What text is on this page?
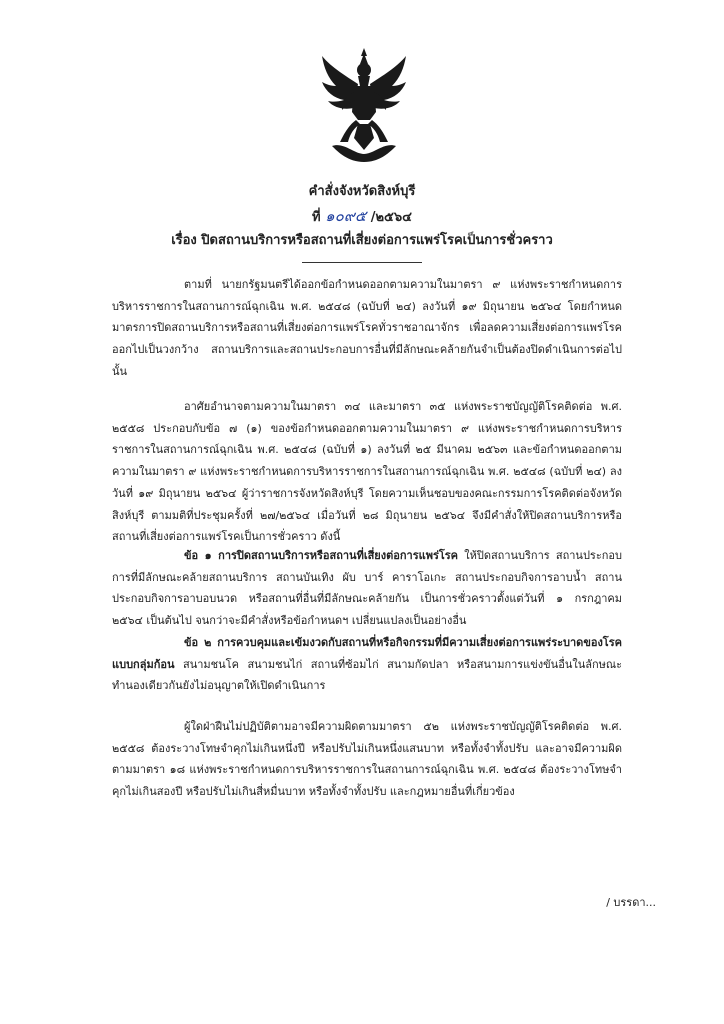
คำสั่งจังหวัดสิงห์บุรี
ที่ ๑๐๙๕ /๒๕๖๔
เรื่อง ปิดสถานบริการหรือสถานที่เสี่ยงต่อการแพร่โรคเป็นการชั่วคราว

ตามที่ นายกรัฐมนตรีได้ออกข้อกำหนดออกตามความในมาตรา ๙ แห่งพระราชกำหนดการบริหารราชการในสถานการณ์ฉุกเฉิน พ.ศ. ๒๕๔๘ (ฉบับที่ ๒๔) ลงวันที่ ๑๙ มิถุนายน ๒๕๖๔ โดยกำหนดมาตรการปิดสถานบริการหรือสถานที่เสี่ยงต่อการแพร่โรคทั่วราชอาณาจักร เพื่อลดความเสี่ยงต่อการแพร่โรคออกไปเป็นวงกว้าง สถานบริการและสถานประกอบการอื่นที่มีลักษณะคล้ายกันจำเป็นต้องปิดดำเนินการต่อไป นั้น

อาศัยอำนาจตามความในมาตรา ๓๔ และมาตรา ๓๕ แห่งพระราชบัญญัติโรคติดต่อ พ.ศ. ๒๕๕๘ ประกอบกับข้อ ๗ (๑) ของข้อกำหนดออกตามความในมาตรา ๙ แห่งพระราชกำหนดการบริหารราชการในสถานการณ์ฉุกเฉิน พ.ศ. ๒๕๔๘ (ฉบับที่ ๑) ลงวันที่ ๒๕ มีนาคม ๒๕๖๓ และข้อกำหนดออกตามความในมาตรา ๙ แห่งพระราชกำหนดการบริหารราชการในสถานการณ์ฉุกเฉิน พ.ศ. ๒๕๔๘ (ฉบับที่ ๒๔) ลงวันที่ ๑๙ มิถุนายน ๒๕๖๔ ผู้ว่าราชการจังหวัดสิงห์บุรี โดยความเห็นชอบของคณะกรรมการโรคติดต่อจังหวัดสิงห์บุรี ตามมติที่ประชุมครั้งที่ ๒๗/๒๕๖๔ เมื่อวันที่ ๒๘ มิถุนายน ๒๕๖๔ จึงมีคำสั่งให้ปิดสถานบริการหรือสถานที่เสี่ยงต่อการแพร่โรคเป็นการชั่วคราว ดังนี้

ข้อ ๑ การปิดสถานบริการหรือสถานที่เสี่ยงต่อการแพร่โรค ให้ปิดสถานบริการ สถานประกอบการที่มีลักษณะคล้ายสถานบริการ สถานบันเทิง ผับ บาร์ คาราโอเกะ สถานประกอบกิจการอาบน้ำ สถานประกอบกิจการอาบอบนวด หรือสถานที่อื่นที่มีลักษณะคล้ายกัน เป็นการชั่วคราวตั้งแต่วันที่ ๑ กรกฎาคม ๒๕๖๔ เป็นต้นไป จนกว่าจะมีคำสั่งหรือข้อกำหนดฯ เปลี่ยนแปลงเป็นอย่างอื่น

ข้อ ๒ การควบคุมและเข้มงวดกับสถานที่หรือกิจกรรมที่มีความเสี่ยงต่อการแพร่ระบาดของโรคแบบกลุ่มก้อน สนามชนโค สนามชนไก่ สถานที่ซ้อมไก่ สนามกัดปลา หรือสนามการแข่งขันอื่นในลักษณะทำนองเดียวกันยังไม่อนุญาตให้เปิดดำเนินการ

ผู้ใดฝ่าฝืนไม่ปฏิบัติตามอาจมีความผิดตามมาตรา ๕๒ แห่งพระราชบัญญัติโรคติดต่อ พ.ศ. ๒๕๕๘ ต้องระวางโทษจำคุกไม่เกินหนึ่งปี หรือปรับไม่เกินหนึ่งแสนบาท หรือทั้งจำทั้งปรับ และอาจมีความผิดตามมาตรา ๑๘ แห่งพระราชกำหนดการบริหารราชการในสถานการณ์ฉุกเฉิน พ.ศ. ๒๕๔๘ ต้องระวางโทษจำคุกไม่เกินสองปี หรือปรับไม่เกินสี่หมื่นบาท หรือทั้งจำทั้งปรับ และกฎหมายอื่นที่เกี่ยวข้อง

/ บรรดา...
